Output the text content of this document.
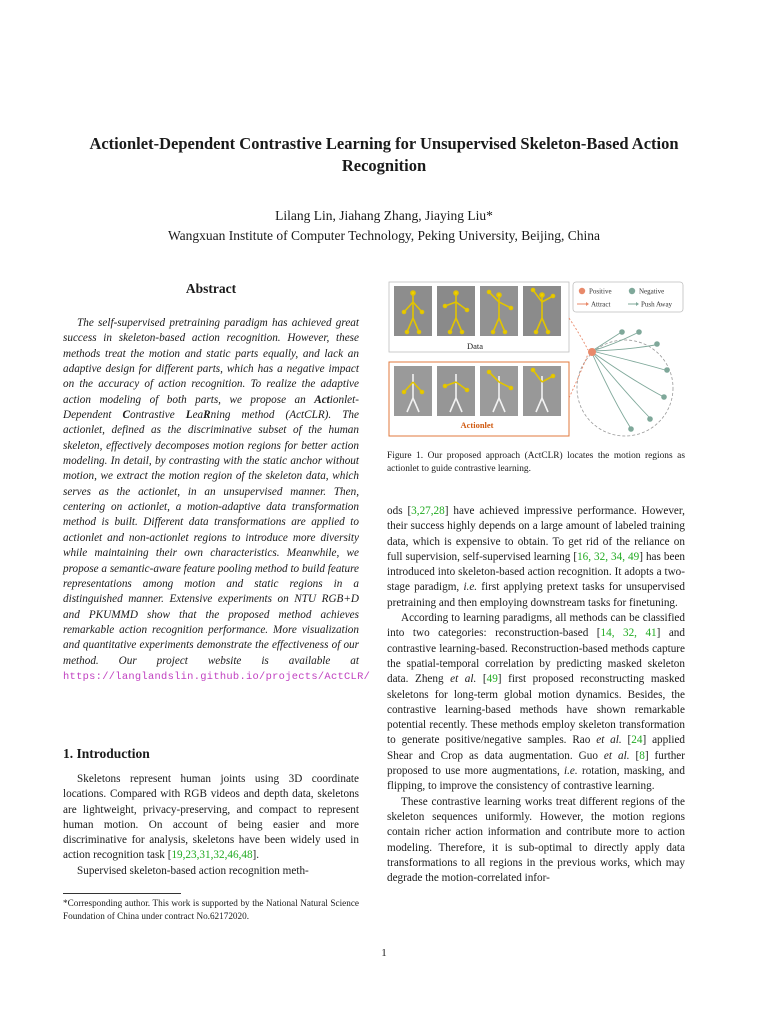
Actionlet-Dependent Contrastive Learning for Unsupervised Skeleton-Based Action Recognition
Lilang Lin, Jiahang Zhang, Jiaying Liu*
Wangxuan Institute of Computer Technology, Peking University, Beijing, China
Abstract

The self-supervised pretraining paradigm has achieved great success in skeleton-based action recognition. However, these methods treat the motion and static parts equally, and lack an adaptive design for different parts, which has a negative impact on the accuracy of action recognition. To realize the adaptive action modeling of both parts, we propose an Actionlet-Dependent Contrastive LeaRning method (ActCLR). The actionlet, defined as the discriminative subset of the human skeleton, effectively decomposes motion regions for better action modeling. In detail, by contrasting with the static anchor without motion, we extract the motion region of the skeleton data, which serves as the actionlet, in an unsupervised manner. Then, centering on actionlet, a motion-adaptive data transformation method is built. Different data transformations are applied to actionlet and non-actionlet regions to introduce more diversity while maintaining their own characteristics. Meanwhile, we propose a semantic-aware feature pooling method to build feature representations among motion and static regions in a distinguished manner. Extensive experiments on NTU RGB+D and PKUMMD show that the proposed method achieves remarkable action recognition performance. More visualization and quantitative experiments demonstrate the effectiveness of our method. Our project website is available at https://langlandslin.github.io/projects/ActCLR/

1. Introduction

Skeletons represent human joints using 3D coordinate locations. Compared with RGB videos and depth data, skeletons are lightweight, privacy-preserving, and compact to represent human motion. On account of being easier and more discriminative for analysis, skeletons have been widely used in action recognition task [19,23,31,32,46,48].

Supervised skeleton-based action recognition meth-

*Corresponding author. This work is supported by the National Natural Science Foundation of China under contract No.62172020.
Data
Actionlet
Positive	Negative
Attract	Push Away
Figure 1. Our proposed approach (ActCLR) locates the motion regions as actionlet to guide contrastive learning.

ods [3,27,28] have achieved impressive performance. However, their success highly depends on a large amount of labeled training data, which is expensive to obtain. To get rid of the reliance on full supervision, self-supervised learning [16, 32, 34, 49] has been introduced into skeleton-based action recognition. It adopts a two-stage paradigm, i.e. first applying pretext tasks for unsupervised pretraining and then employing downstream tasks for finetuning.

According to learning paradigms, all methods can be classified into two categories: reconstruction-based [14, 32, 41] and contrastive learning-based. Reconstruction-based methods capture the spatial-temporal correlation by predicting masked skeleton data. Zheng et al. [49] first proposed reconstructing masked skeletons for long-term global motion dynamics. Besides, the contrastive learning-based methods have shown remarkable potential recently. These methods employ skeleton transformation to generate positive/negative samples. Rao et al. [24] applied Shear and Crop as data augmentation. Guo et al. [8] further proposed to use more augmentations, i.e. rotation, masking, and flipping, to improve the consistency of contrastive learning.

These contrastive learning works treat different regions of the skeleton sequences uniformly. However, the motion regions contain richer action information and contribute more to action modeling. Therefore, it is sub-optimal to directly apply data transformations to all regions in the previous works, which may degrade the motion-correlated infor-

1
